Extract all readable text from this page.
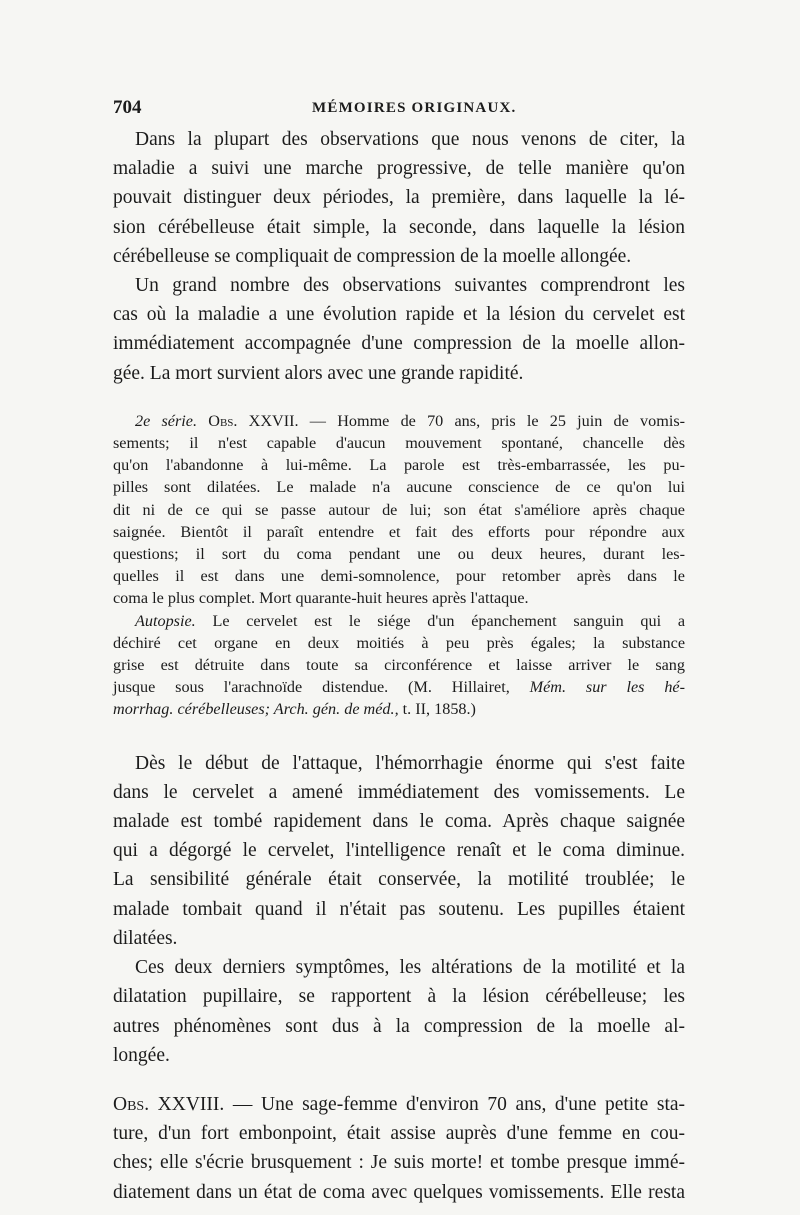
704	MÉMOIRES ORIGINAUX.

Dans la plupart des observations que nous venons de citer, la
maladie a suivi une marche progressive, de telle manière qu'on
pouvait distinguer deux périodes, la première, dans laquelle la lé-
sion cérébelleuse était simple, la seconde, dans laquelle la lésion
cérébelleuse se compliquait de compression de la moelle allongée.

Un grand nombre des observations suivantes comprendront les
cas où la maladie a une évolution rapide et la lésion du cervelet est
immédiatement accompagnée d'une compression de la moelle allon-
gée. La mort survient alors avec une grande rapidité.

2e série. Obs. XXVII. — Homme de 70 ans, pris le 25 juin de vomis-
sements; il n'est capable d'aucun mouvement spontané, chancelle dès
qu'on l'abandonne à lui-même. La parole est très-embarrassée, les pu-
pilles sont dilatées. Le malade n'a aucune conscience de ce qu'on lui
dit ni de ce qui se passe autour de lui; son état s'améliore après chaque
saignée. Bientôt il paraît entendre et fait des efforts pour répondre aux
questions; il sort du coma pendant une ou deux heures, durant les-
quelles il est dans une demi-somnolence, pour retomber après dans le
coma le plus complet. Mort quarante-huit heures après l'attaque.

Autopsie. Le cervelet est le siége d'un épanchement sanguin qui a
déchiré cet organe en deux moitiés à peu près égales; la substance
grise est détruite dans toute sa circonférence et laisse arriver le sang
jusque sous l'arachnoïde distendue. (M. Hillairet, Mém. sur les hé-
morrhag. cérébelleuses; Arch. gén. de méd., t. II, 1858.)

Dès le début de l'attaque, l'hémorrhagie énorme qui s'est faite
dans le cervelet a amené immédiatement des vomissements. Le
malade est tombé rapidement dans le coma. Après chaque saignée
qui a dégorgé le cervelet, l'intelligence renaît et le coma diminue.
La sensibilité générale était conservée, la motilité troublée; le
malade tombait quand il n'était pas soutenu. Les pupilles étaient
dilatées.

Ces deux derniers symptômes, les altérations de la motilité et la
dilatation pupillaire, se rapportent à la lésion cérébelleuse; les
autres phénomènes sont dus à la compression de la moelle al-
longée.

Obs. XXVIII. — Une sage-femme d'environ 70 ans, d'une petite sta-
ture, d'un fort embonpoint, était assise auprès d'une femme en cou-
ches; elle s'écrie brusquement : Je suis morte! et tombe presque immé-
diatement dans un état de coma avec quelques vomissements. Elle resta
